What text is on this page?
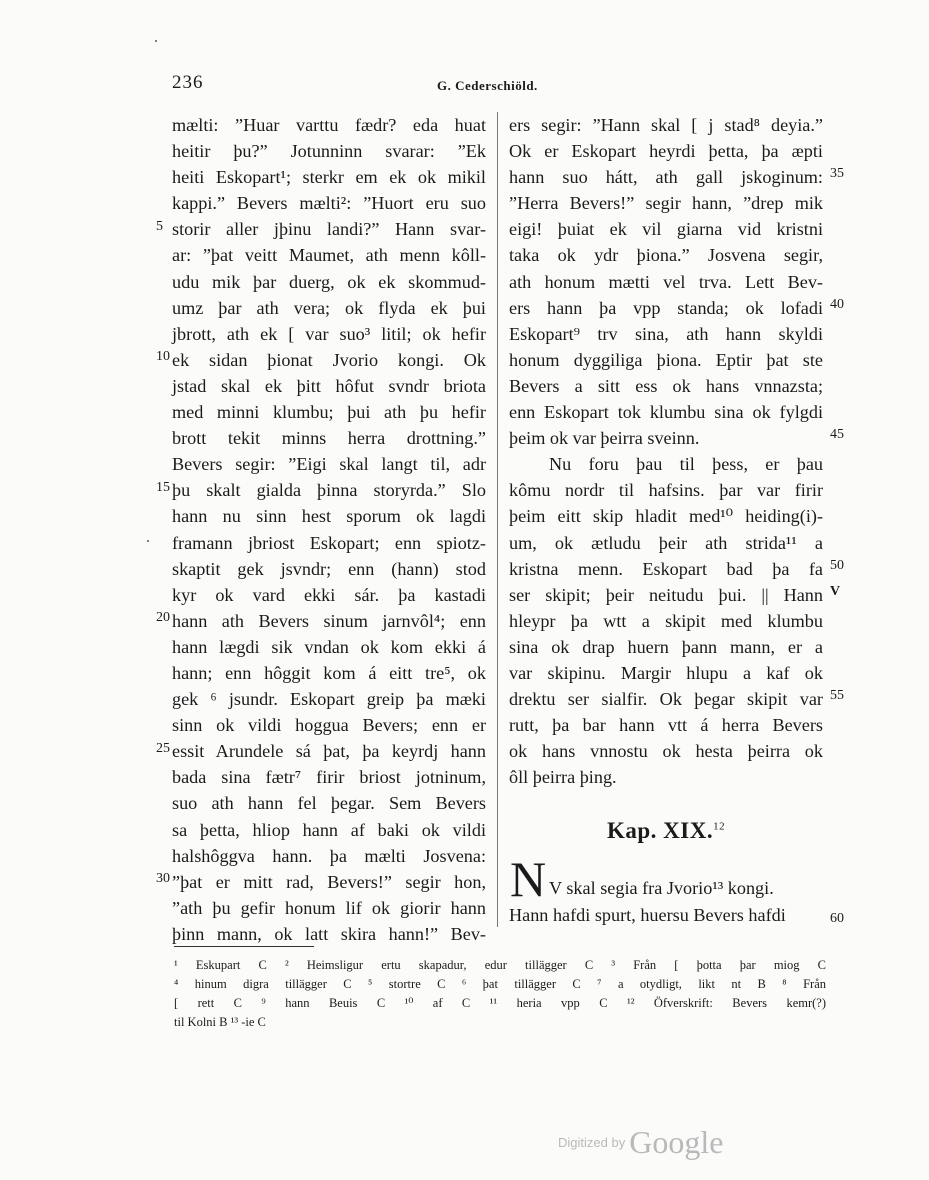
236	G. Cederschiöld.
mælti: ”Huar varttu fædr? eda huat
heitir þu?” Jotunninn svarar: ”Ek
heiti Eskopart¹; sterkr em ek ok mikil
kappi.” Bevers mælti²: ”Huort eru suo
storir aller jþinu landi?” Hann svar-
ar: ”þat veitt Maumet, ath menn kôll-
udu mik þar duerg, ok ek skommud-
umz þar ath vera; ok flyda ek þui
jbrott, ath ek [ var suo³ litil; ok hefir
ek sidan þionat Jvorio kongi. Ok
jstad skal ek þitt hôfut svndr briota
med minni klumbu; þui ath þu hefir
brott tekit minns herra drottning.”
Bevers segir: ”Eigi skal langt til, adr
þu skalt gialda þinna storyrda.” Slo
hann nu sinn hest sporum ok lagdi
framann jbriost Eskopart; enn spiotz-
skaptit gek jsvndr; enn (hann) stod
kyr ok vard ekki sár. þa kastadi
hann ath Bevers sinum jarnvôl⁴; enn
hann lægdi sik vndan ok kom ekki á
hann; enn hôggit kom á eitt tre⁵, ok
gek ⁶ jsundr. Eskopart greip þa mæki
sinn ok vildi hoggua Bevers; enn er
essit Arundele sá þat, þa keyrdj hann
bada sina fætr⁷ firir briost jotninum,
suo ath hann fel þegar. Sem Bevers
sa þetta, hliop hann af baki ok vildi
halshôggva hann. þa mælti Josvena:
”þat er mitt rad, Bevers!” segir hon,
”ath þu gefir honum lif ok giorir hann
þinn mann, ok latt skira hann!” Bev-
5
10
15
20
25
30
ers segir: ”Hann skal [ j stad⁸ deyia.”
Ok er Eskopart heyrdi þetta, þa æpti
hann suo hátt, ath gall jskoginum:
”Herra Bevers!” segir hann, ”drep mik
eigi! þuiat ek vil giarna vid kristni
taka ok ydr þiona.” Josvena segir,
ath honum mætti vel trva. Lett Bev-
ers hann þa vpp standa; ok lofadi
Eskopart⁹ trv sina, ath hann skyldi
honum dyggiliga þiona. Eptir þat ste
Bevers a sitt ess ok hans vnnazsta;
enn Eskopart tok klumbu sina ok fylgdi
þeim ok var þeirra sveinn.
Nu foru þau til þess, er þau
kômu nordr til hafsins. þar var firir
þeim eitt skip hladit med¹⁰ heiding(i)-
um, ok ætludu þeir ath strida¹¹ a
kristna menn. Eskopart bad þa fa
ser skipit; þeir neitudu þui. || Hann
hleypr þa wtt a skipit med klumbu
sina ok drap huern þann mann, er a
var skipinu. Margir hlupu a kaf ok
drektu ser sialfir. Ok þegar skipit var
rutt, þa bar hann vtt á herra Bevers
ok hans vnnostu ok hesta þeirra ok
ôll þeirra þing.
35
40
45
50
V
55
60
Kap. XIX.$^{12}$
N V skal segia fra Jvorio¹³ kongi.
Hann hafdi spurt, huersu Bevers hafdi
¹ Eskupart C ² Heimsligur ertu skapadur, edur tillägger C ³ Från [ þotta þar miog C
⁴ hinum digra tillägger C ⁵ stortre C ⁶ þat tillägger C ⁷ a otydligt, likt nt B ⁸ Från
[ rett C ⁹ hann Beuis C ¹⁰ af C ¹¹ heria vpp C ¹² Öfverskrift: Bevers kemr(?)
til Kolni B ¹³ -ie C
Digitized by Google
